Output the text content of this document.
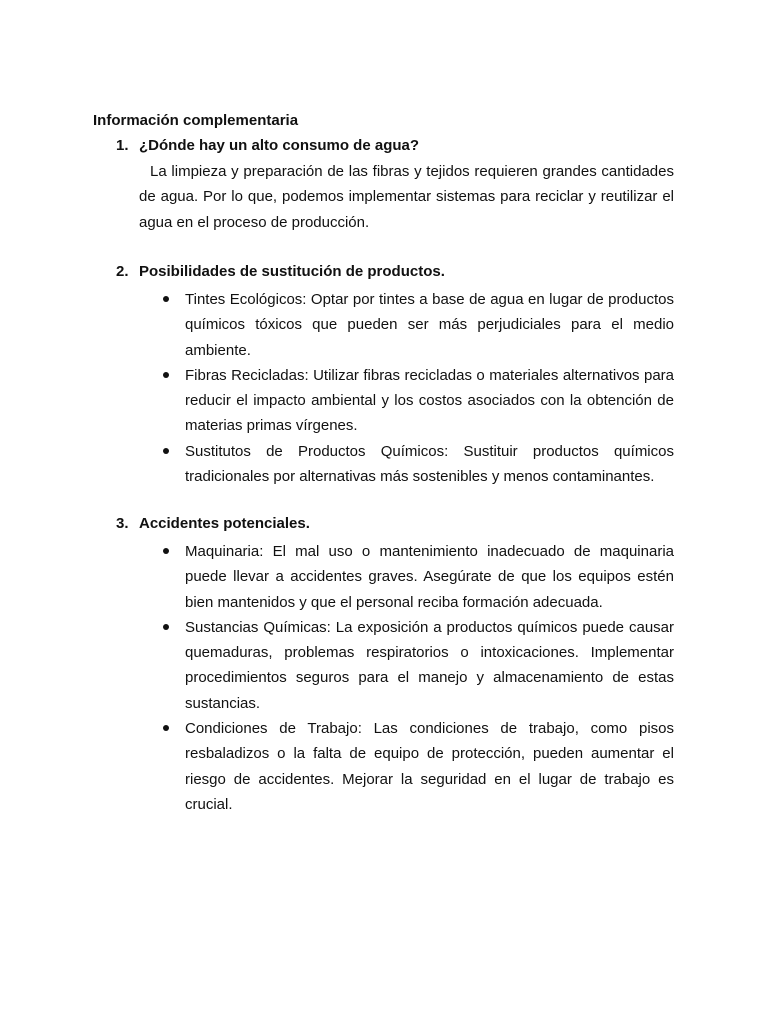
Información complementaria
1. ¿Dónde hay un alto consumo de agua?
La limpieza y preparación de las fibras y tejidos requieren grandes cantidades de agua. Por lo que, podemos implementar sistemas para reciclar y reutilizar el agua en el proceso de producción.
2. Posibilidades de sustitución de productos.
Tintes Ecológicos: Optar por tintes a base de agua en lugar de productos químicos tóxicos que pueden ser más perjudiciales para el medio ambiente.
Fibras Recicladas: Utilizar fibras recicladas o materiales alternativos para reducir el impacto ambiental y los costos asociados con la obtención de materias primas vírgenes.
Sustitutos de Productos Químicos: Sustituir productos químicos tradicionales por alternativas más sostenibles y menos contaminantes.
3. Accidentes potenciales.
Maquinaria: El mal uso o mantenimiento inadecuado de maquinaria puede llevar a accidentes graves. Asegúrate de que los equipos estén bien mantenidos y que el personal reciba formación adecuada.
Sustancias Químicas: La exposición a productos químicos puede causar quemaduras, problemas respiratorios o intoxicaciones. Implementar procedimientos seguros para el manejo y almacenamiento de estas sustancias.
Condiciones de Trabajo: Las condiciones de trabajo, como pisos resbaladizos o la falta de equipo de protección, pueden aumentar el riesgo de accidentes. Mejorar la seguridad en el lugar de trabajo es crucial.
